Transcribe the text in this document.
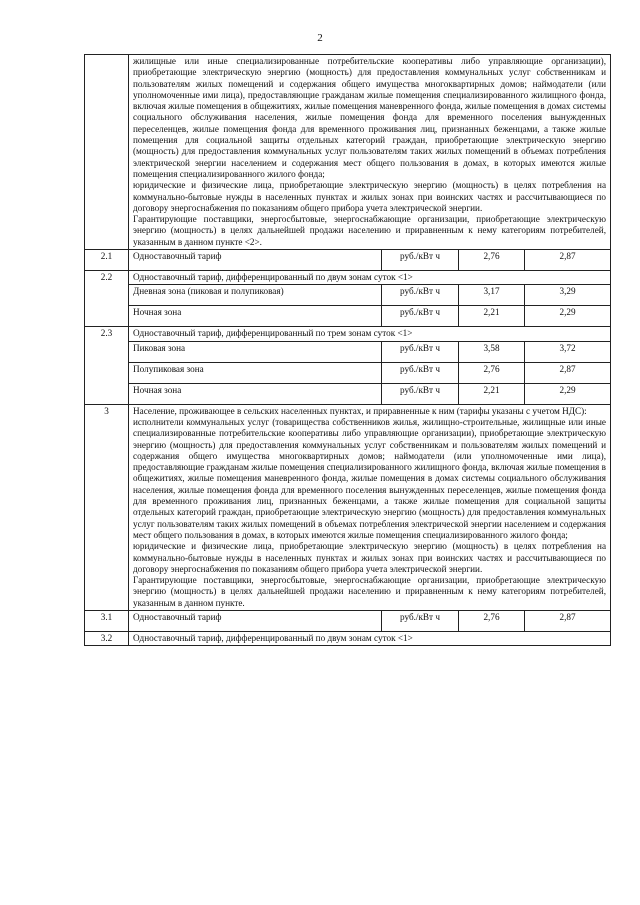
2

	жилищные или иные специализированные потребительские кооперативы либо управляющие организации), приобретающие электрическую энергию (мощность) для предоставления коммунальных услуг собственникам и пользователям жилых помещений и содержания общего имущества многоквартирных домов; наймодатели (или уполномоченные ими лица), предоставляющие гражданам жилые помещения специализированного жилищного фонда, включая жилые помещения в общежитиях, жилые помещения маневренного фонда, жилые помещения в домах системы социального обслуживания населения, жилые помещения фонда для временного поселения вынужденных переселенцев, жилые помещения фонда для временного проживания лиц, признанных беженцами, а также жилые помещения для социальной защиты отдельных категорий граждан, приобретающие электрическую энергию (мощность) для предоставления коммунальных услуг пользователям таких жилых помещений в объемах потребления электрической энергии населением и содержания мест общего пользования в домах, в которых имеются жилые помещения специализированного жилого фонда;

юридические и физические лица, приобретающие электрическую энергию (мощность) в целях потребления на коммунально-бытовые нужды в населенных пунктах и жилых зонах при воинских частях и рассчитывающиеся по договору энергоснабжения по показаниям общего прибора учета электрической энергии.

Гарантирующие поставщики, энергосбытовые, энергоснабжающие организации, приобретающие электрическую энергию (мощность) в целях дальнейшей продажи населению и приравненным к нему категориям потребителей, указанным в данном пункте <2>.			

2.1	Одноставочный тариф	руб./кВт ч	2,76	2,87
2.2	Одноставочный тариф, дифференцированный по двум зонам суток <1>			
	Дневная зона (пиковая и полупиковая)	руб./кВт ч	3,17	3,29
	Ночная зона	руб./кВт ч	2,21	2,29
2.3	Одноставочный тариф, дифференцированный по трем зонам суток <1>			
	Пиковая зона	руб./кВт ч	3,58	3,72
	Полупиковая зона	руб./кВт ч	2,76	2,87
	Ночная зона	руб./кВт ч	2,21	2,29
3	Население, проживающее в сельских населенных пунктах, и приравненные к ним (тарифы указаны с учетом НДС):

исполнители коммунальных услуг (товарищества собственников жилья, жилищно-строительные, жилищные или иные специализированные потребительские кооперативы либо управляющие организации), приобретающие электрическую энергию (мощность) для предоставления коммунальных услуг собственникам и пользователям жилых помещений и содержания общего имущества многоквартирных домов; наймодатели (или уполномоченные ими лица), предоставляющие гражданам жилые помещения специализированного жилищного фонда, включая жилые помещения в общежитиях, жилые помещения маневренного фонда, жилые помещения в домах системы социального обслуживания населения, жилые помещения фонда для временного поселения вынужденных переселенцев, жилые помещения фонда для временного проживания лиц, признанных беженцами, а также жилые помещения для социальной защиты отдельных категорий граждан, приобретающие электрическую энергию (мощность) для предоставления коммунальных услуг пользователям таких жилых помещений в объемах потребления электрической энергии населением и содержания мест общего пользования в домах, в которых имеются жилые помещения специализированного жилого фонда;

юридические и физические лица, приобретающие электрическую энергию (мощность) в целях потребления на коммунально-бытовые нужды в населенных пунктах и жилых зонах при воинских частях и рассчитывающиеся по договору энергоснабжения по показаниям общего прибора учета электрической энергии.

Гарантирующие поставщики, энергосбытовые, энергоснабжающие организации, приобретающие электрическую энергию (мощность) в целях дальнейшей продажи населению и приравненным к нему категориям потребителей, указанным в данном пункте.			

3.1	Одноставочный тариф	руб./кВт ч	2,76	2,87
3.2	Одноставочный тариф, дифференцированный по двум зонам суток <1>			
